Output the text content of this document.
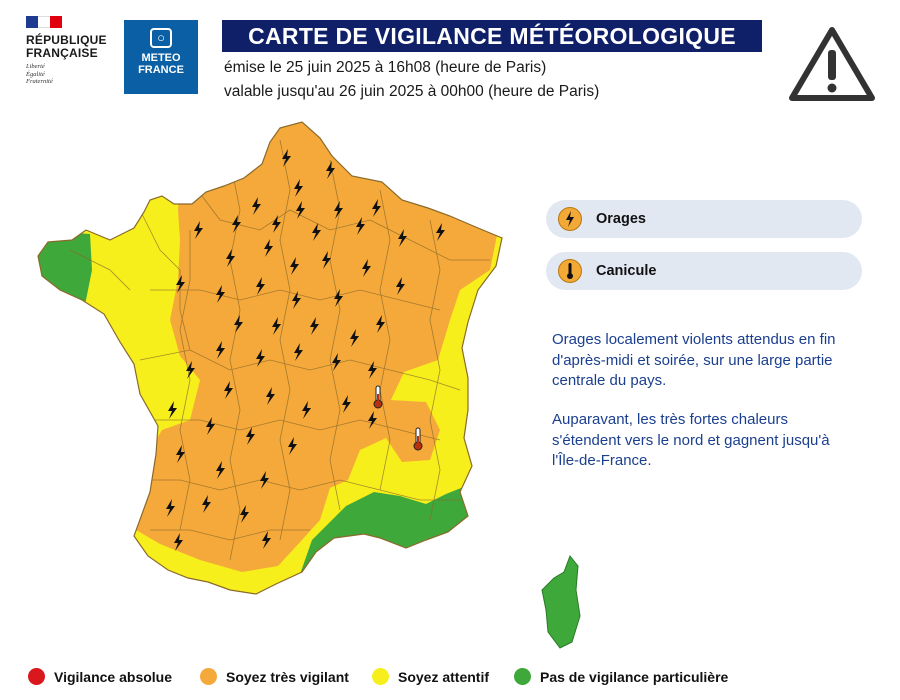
RÉPUBLIQUE
FRANÇAISE
Liberté
Égalité
Fraternité
○
METEO
FRANCE
CARTE DE VIGILANCE MÉTÉOROLOGIQUE
émise le 25 juin 2025 à 16h08 (heure de Paris)
valable jusqu'au 26 juin 2025 à 00h00 (heure de Paris)
Orages
Canicule
Orages localement violents attendus en fin d'après-midi et soirée, sur une large partie centrale du pays.
Auparavant, les très fortes chaleurs s'étendent vers le nord et gagnent jusqu'à l'Île-de-France.
Vigilance absolue	Soyez très vigilant	Soyez attentif	Pas de vigilance particulière
